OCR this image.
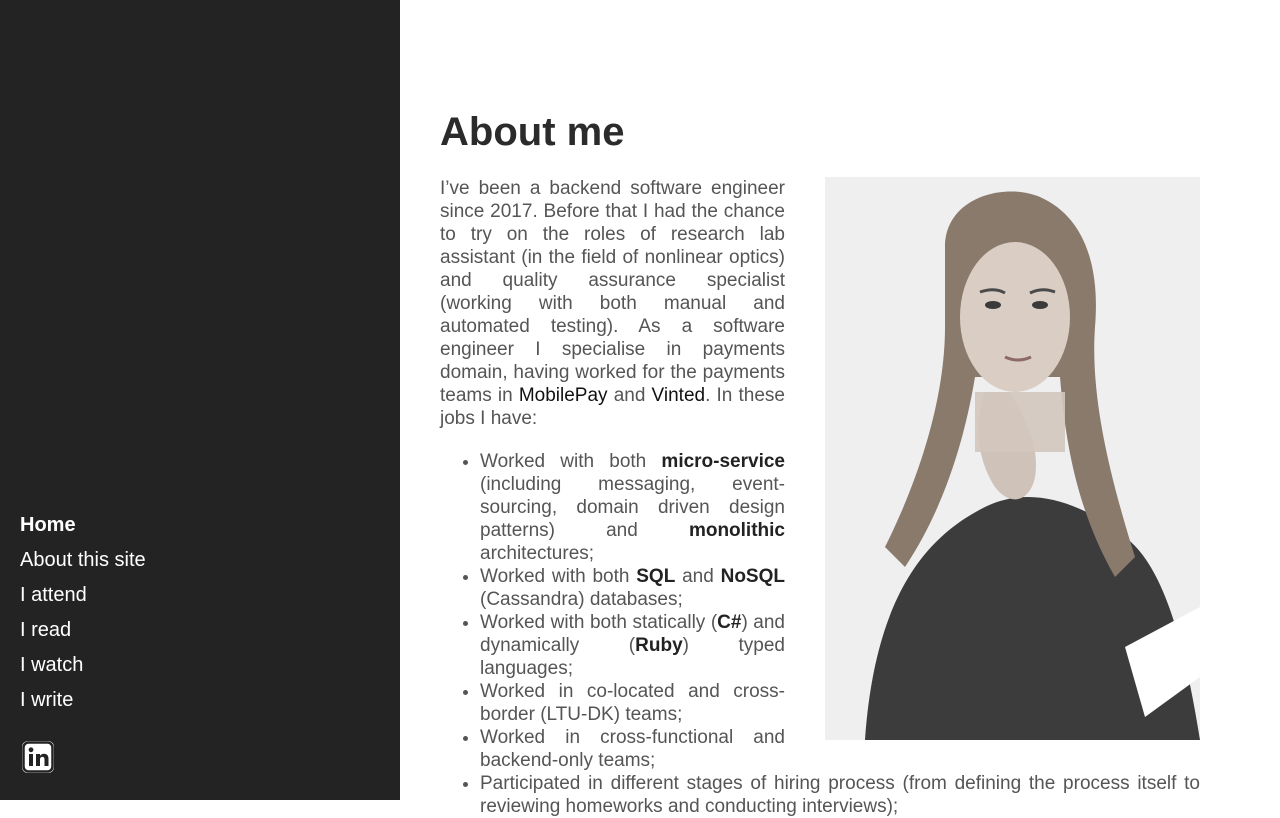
Home
About this site
I attend
I read
I watch
I write
About me

I’ve been a backend software engineer since 2017. Before that I had the chance to try on the roles of research lab assistant (in the field of nonlinear optics) and quality assurance specialist (working with both manual and automated testing). As a software engineer I specialise in payments domain, having worked for the payments teams in MobilePay and Vinted. In these jobs I have:

• Worked with both micro-service (including messaging, event-sourcing, domain driven design patterns) and monolithic architectures;
• Worked with both SQL and NoSQL (Cassandra) databases;
• Worked with both statically (C#) and dynamically (Ruby) typed languages;
• Worked in co-located and cross-border (LTU-DK) teams;
• Worked in cross-functional and backend-only teams;
• Participated in different stages of hiring process (from defining the process itself to reviewing homeworks and conducting interviews);
